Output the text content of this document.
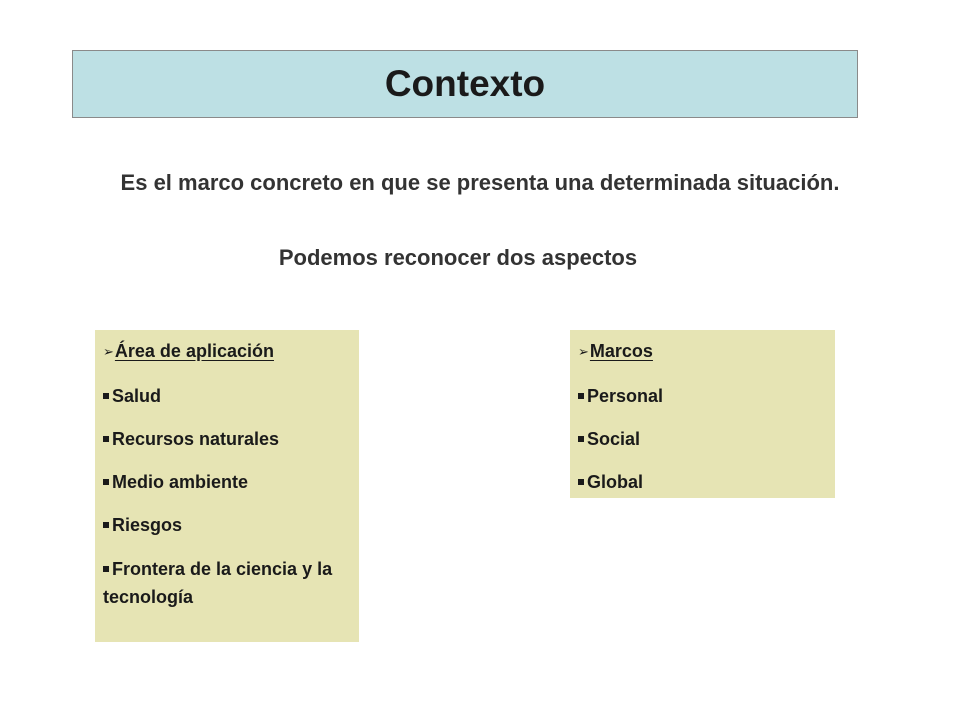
Contexto
Es el marco concreto en que se presenta una determinada situación.
Podemos reconocer dos aspectos
➢ Área de aplicación
Salud
Recursos naturales
Medio ambiente
Riesgos
Frontera de la ciencia y la tecnología
➢ Marcos
Personal
Social
Global
